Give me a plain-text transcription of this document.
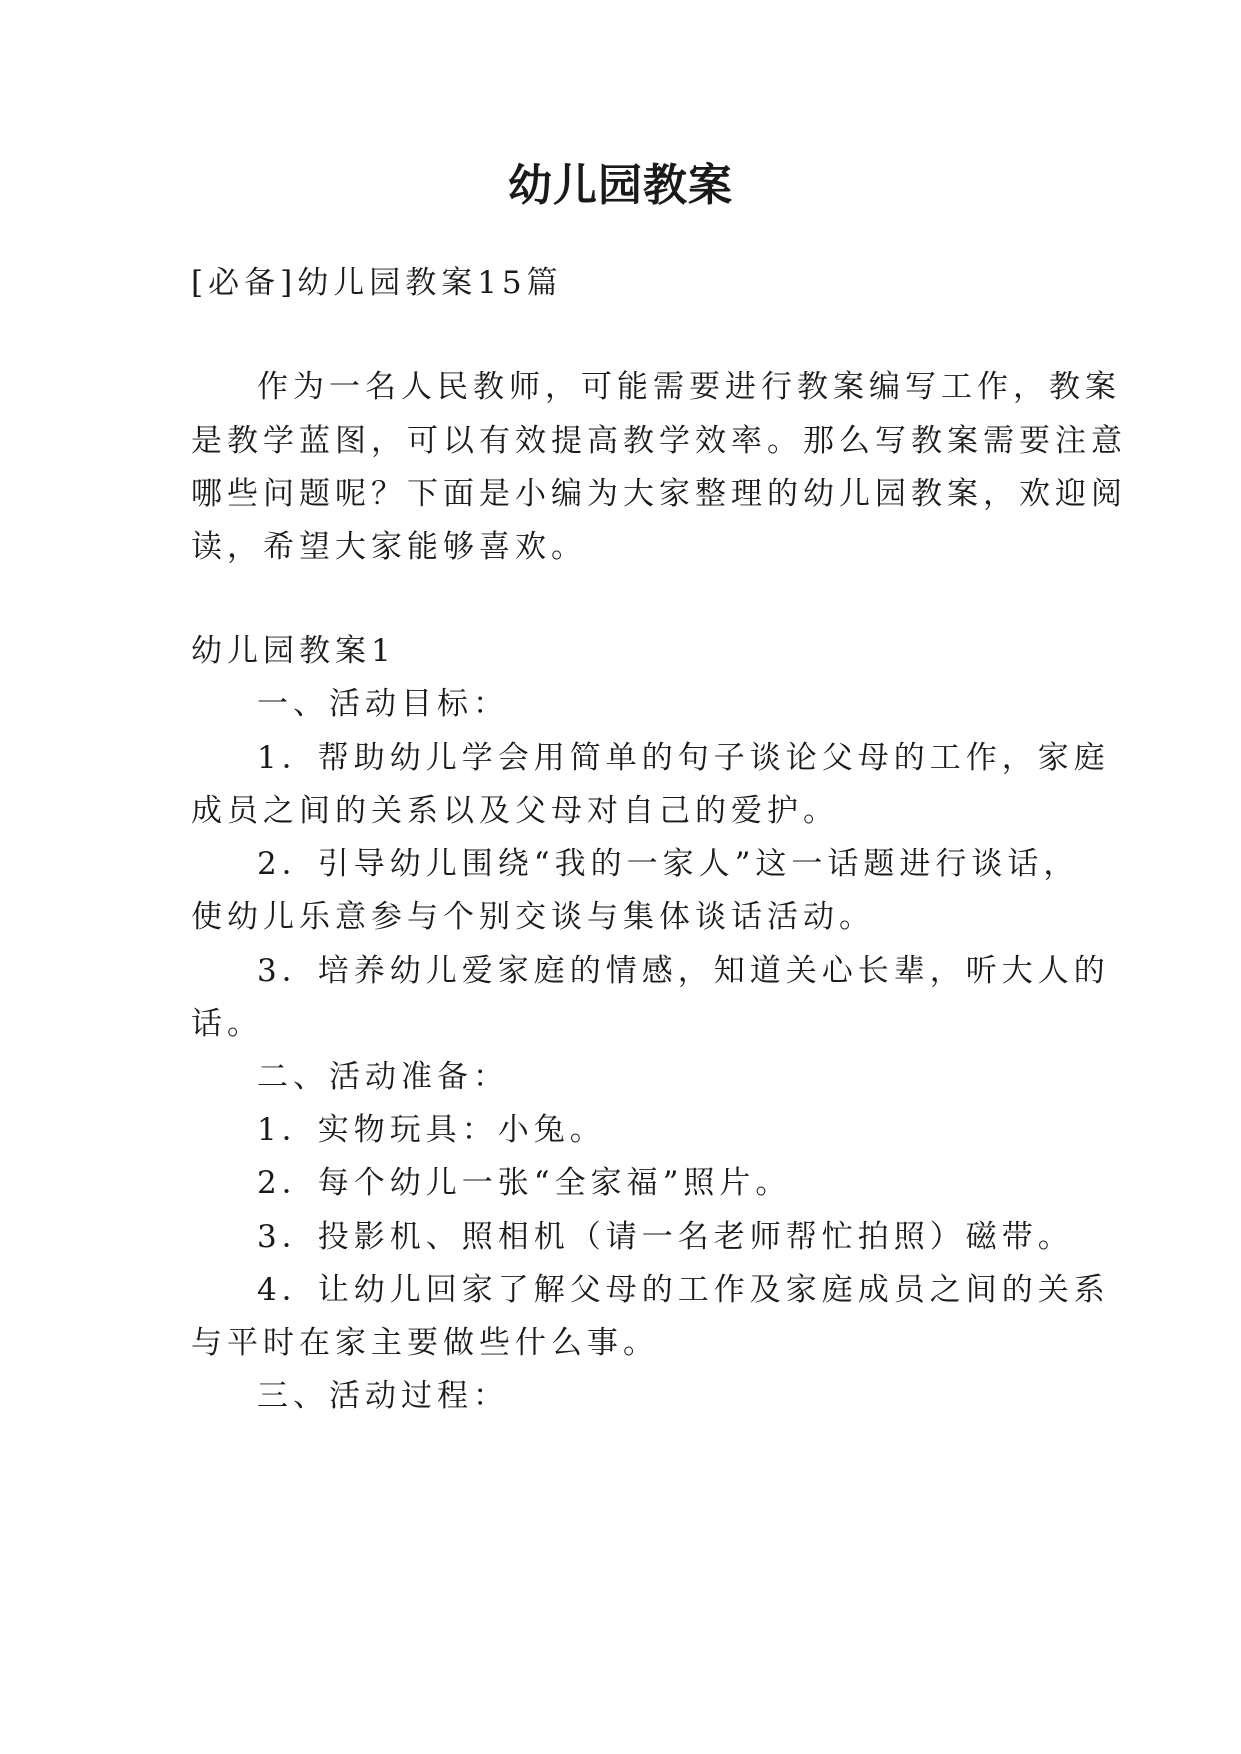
幼儿园教案
[必备]幼儿园教案15篇
作为一名人民教师，可能需要进行教案编写工作，教案
是教学蓝图，可以有效提高教学效率。那么写教案需要注意
哪些问题呢？下面是小编为大家整理的幼儿园教案，欢迎阅
读，希望大家能够喜欢。
幼儿园教案1
一、活动目标：
1．帮助幼儿学会用简单的句子谈论父母的工作，家庭
成员之间的关系以及父母对自己的爱护。
2．引导幼儿围绕“我的一家人”这一话题进行谈话，
使幼儿乐意参与个别交谈与集体谈话活动。
3．培养幼儿爱家庭的情感，知道关心长辈，听大人的
话。
二、活动准备：
1．实物玩具：小兔。
2．每个幼儿一张“全家福”照片。
3．投影机、照相机（请一名老师帮忙拍照）磁带。
4．让幼儿回家了解父母的工作及家庭成员之间的关系
与平时在家主要做些什么事。
三、活动过程：
